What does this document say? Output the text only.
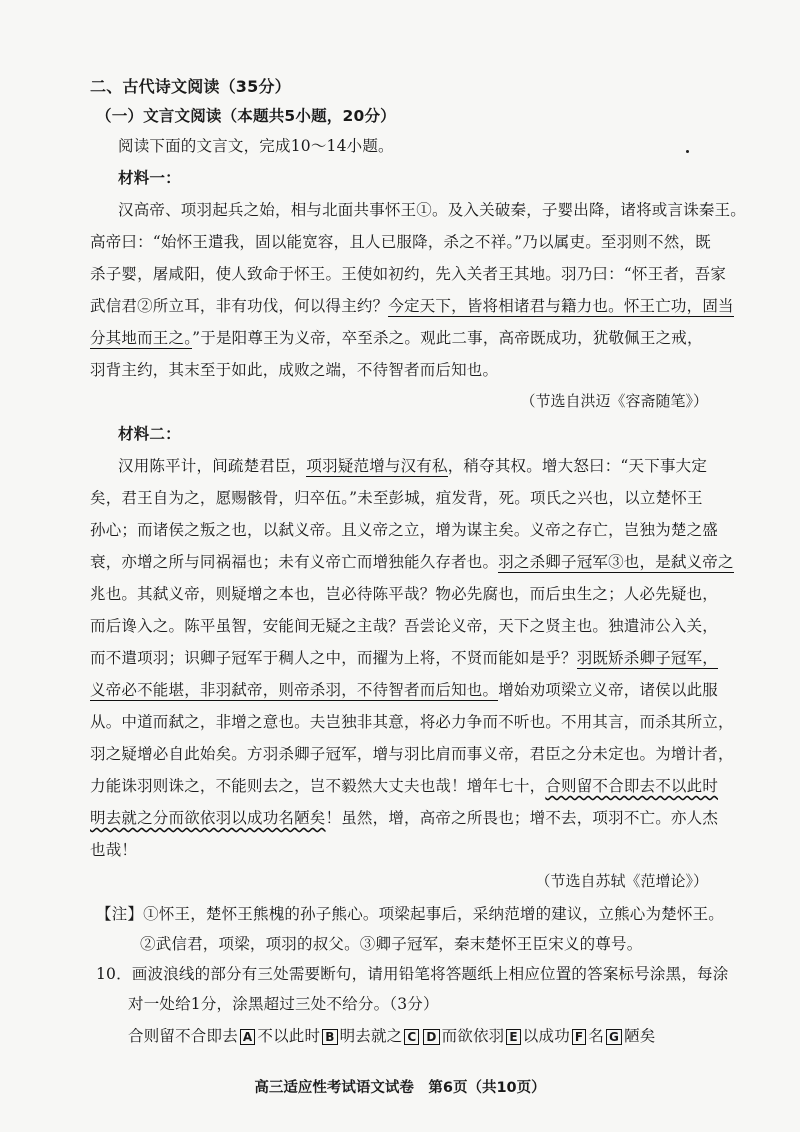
二、古代诗文阅读（35分）
（一）文言文阅读（本题共5小题，20分）
阅读下面的文言文，完成10～14小题。
材料一：
汉高帝、项羽起兵之始，相与北面共事怀王①。及入关破秦，子婴出降，诸将或言诛秦王。
高帝曰：“始怀王遣我，固以能宽容，且人已服降，杀之不祥。”乃以属吏。至羽则不然，既
杀子婴，屠咸阳，使人致命于怀王。王使如初约，先入关者王其地。羽乃曰：“怀王者，吾家
武信君②所立耳，非有功伐，何以得主约？今定天下，皆将相诸君与籍力也。怀王亡功，固当
分其地而王之。”于是阳尊王为义帝，卒至杀之。观此二事，高帝既成功，犹敬佩王之戒，
羽背主约，其末至于如此，成败之端，不待智者而后知也。
（节选自洪迈《容斋随笔》）
材料二：
汉用陈平计，间疏楚君臣，项羽疑范增与汉有私，稍夺其权。增大怒曰：“天下事大定
矣，君王自为之，愿赐骸骨，归卒伍。”未至彭城，疽发背，死。项氏之兴也，以立楚怀王
孙心；而诸侯之叛之也，以弑义帝。且义帝之立，增为谋主矣。义帝之存亡，岂独为楚之盛
衰，亦增之所与同祸福也；未有义帝亡而增独能久存者也。羽之杀卿子冠军③也，是弑义帝之
兆也。其弑义帝，则疑增之本也，岂必待陈平哉？物必先腐也，而后虫生之；人必先疑也，
而后谗入之。陈平虽智，安能间无疑之主哉？吾尝论义帝，天下之贤主也。独遣沛公入关，
而不遣项羽；识卿子冠军于稠人之中，而擢为上将，不贤而能如是乎？羽既矫杀卿子冠军，
义帝必不能堪，非羽弑帝，则帝杀羽，不待智者而后知也。增始劝项梁立义帝，诸侯以此服
从。中道而弑之，非增之意也。夫岂独非其意，将必力争而不听也。不用其言，而杀其所立，
羽之疑增必自此始矣。方羽杀卿子冠军，增与羽比肩而事义帝，君臣之分未定也。为增计者，
力能诛羽则诛之，不能则去之，岂不毅然大丈夫也哉！增年七十，合则留不合即去不以此时
明去就之分而欲依羽以成功名陋矣！虽然，增，高帝之所畏也；增不去，项羽不亡。亦人杰
也哉！
（节选自苏轼《范增论》）
【注】①怀王，楚怀王熊槐的孙子熊心。项梁起事后，采纳范增的建议，立熊心为楚怀王。
②武信君，项梁，项羽的叔父。③卿子冠军，秦末楚怀王臣宋义的尊号。
10．画波浪线的部分有三处需要断句，请用铅笔将答题纸上相应位置的答案标号涂黑，每涂
对一处给1分，涂黑超过三处不给分。（3分）
合则留不合即去 A 不以此时 B 明去就之 C D 而欲依羽 E 以成功 F 名 G 陋矣
高三适应性考试语文试卷　第6页（共10页）
